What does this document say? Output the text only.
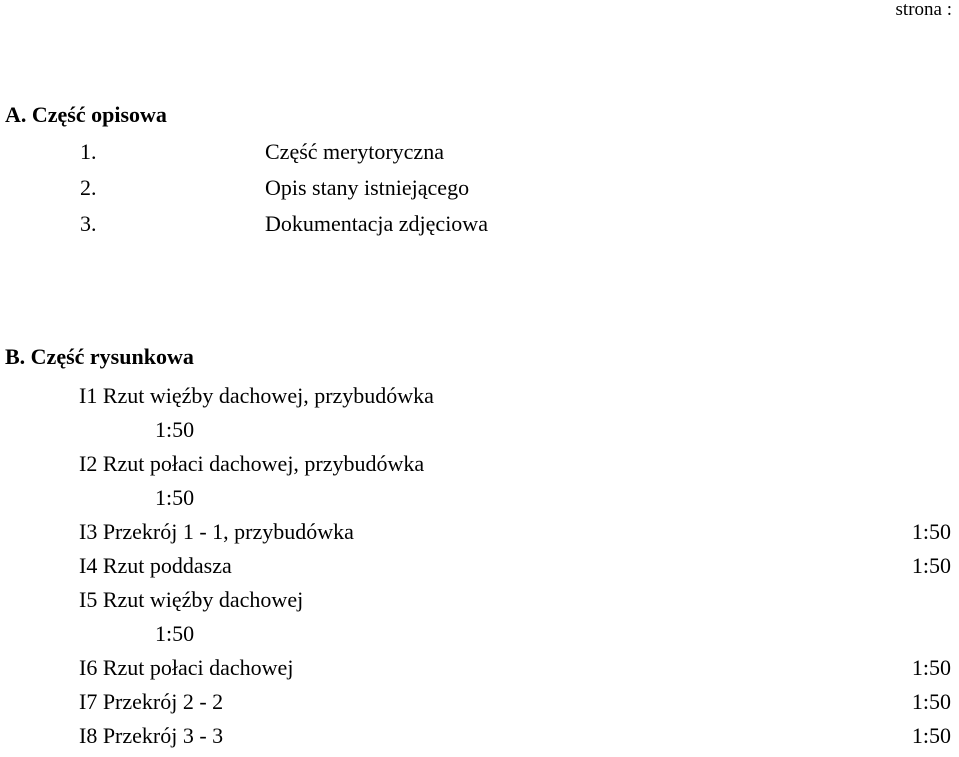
strona :
A. Część opisowa
1.	Część merytoryczna
2.	Opis stany istniejącego
3.	Dokumentacja zdjęciowa
B. Część rysunkowa
I1 Rzut więźby dachowej, przybudówka
1:50
I2 Rzut połaci dachowej, przybudówka
1:50
I3 Przekrój 1 - 1, przybudówka	1:50
I4 Rzut poddasza	1:50
I5 Rzut więźby dachowej
1:50
I6 Rzut połaci dachowej	1:50
I7 Przekrój 2 - 2	1:50
I8 Przekrój 3 - 3	1:50
